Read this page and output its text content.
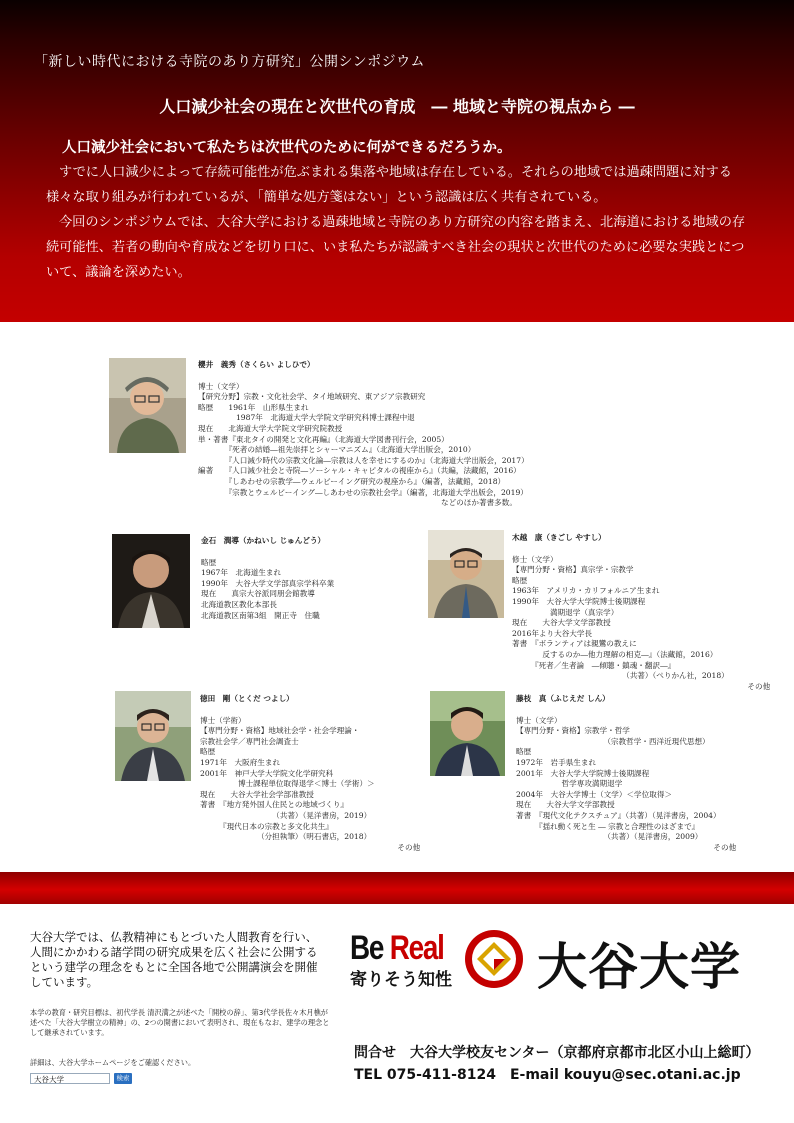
「新しい時代における寺院のあり方研究」公開シンポジウム
人口減少社会の現在と次世代の育成　― 地域と寺院の視点から ―
人口減少社会において私たちは次世代のために何ができるだろうか。

すでに人口減少によって存続可能性が危ぶまれる集落や地域は存在している。それらの地域では過疎問題に対する様々な取り組みが行われているが、「簡単な処方箋はない」という認識は広く共有されている。

今回のシンポジウムでは、大谷大学における過疎地域と寺院のあり方研究の内容を踏まえ、北海道における地域の存続可能性、若者の動向や育成などを切り口に、いま私たちが認識すべき社会の現状と次世代のために必要な実践とについて、議論を深めたい。

櫻井　義秀（さくらい よしひで）
博士（文学）
【研究分野】宗教・文化社会学、タイ地域研究、東アジア宗教研究
略歴　　1961年　山形県生まれ
　　　　　1987年　北海道大学大学院文学研究科博士課程中退
現在　　北海道大学大学院文学研究院教授
単・著書『東北タイの開発と文化再編』（北海道大学図書刊行会，2005）
　　　　『死者の結婚―祖先崇拝とシャーマニズム』（北海道大学出版会，2010）
　　　　『人口減少時代の宗教文化論―宗教は人を幸せにするのか』（北海道大学出版会，2017）
編著　　『人口減少社会と寺院―ソーシャル・キャピタルの視座から』（共編，法藏館，2016）
　　　　『しあわせの宗教学―ウェルビーイング研究の視座から』（編著，法藏館，2018）
　　　　『宗教とウェルビーイング―しあわせの宗教社会学』（編著，北海道大学出版会，2019）
　　　　　　　　　　　　　　　　　　　　　　　　　　　　　　　　などのほか著書多数。
金石　潤導（かねいし じゅんどう）
略歴
1967年　北海道生まれ
1990年　大谷大学文学部真宗学科卒業
現在　　真宗大谷派同朋会館教導
北海道教区教化本部長
北海道教区南第3組　開正寺　住職
木越　康（きごし やすし）
修士（文学）
【専門分野・資格】真宗学・宗教学
略歴
1963年　アメリカ・カリフォルニア生まれ
1990年　大谷大学大学院博士後期課程
　　　　　満期退学（真宗学）
現在　　大谷大学文学部教授
2016年より大谷大学長
著書　『ボランティアは親鸞の教えに
　　　　反するのか―他力理解の相克―』（法藏館，2016）
　　　『死者／生者論　―傾聴・鎮魂・翻訳―』
　　　　　　　　　　　　　　　（共著）（ぺりかん社，2018）
　　　　　　　　　　　　　　　　　　　　　　　　　　　　　　　その他
徳田　剛（とくだ つよし）
博士（学術）
【専門分野・資格】地域社会学・社会学理論・
宗教社会学／専門社会調査士
略歴
1971年　大阪府生まれ
2001年　神戸大学大学院文化学研究科
　　　　　博士課程単位取得退学＜博士（学術）＞
現在　　大谷大学社会学部准教授
著書　『地方発外国人住民との地域づくり』
　　　　　　　　　　（共著）（晃洋書房，2019）
　　　『現代日本の宗教と多文化共生』
　　　　　　　　（分担執筆）（明石書店，2018）
　　　　　　　　　　　　　　　　　　　　　　　　　　その他
藤枝　真（ふじえだ しん）
博士（文学）
【専門分野・資格】宗教学・哲学
　　　　　　　　　　　　（宗教哲学・西洋近現代思想）
略歴
1972年　岩手県生まれ
2001年　大谷大学大学院博士後期課程
　　　　　　哲学専攻満期退学
2004年　大谷大学博士（文学）＜学位取得＞
現在　　大谷大学文学部教授
著書　『現代文化テクスチュア』（共著）（晃洋書房，2004）
　　　『揺れ動く死と生 ― 宗教と合理性のはざまで』
　　　　　　　　　　　　（共著）（晃洋書房，2009）
　　　　　　　　　　　　　　　　　　　　　　　　　　その他
大谷大学では、仏教精神にもとづいた人間教育を行い、人間にかかわる諸学問の研究成果を広く社会に公開するという建学の理念をもとに全国各地で公開講演会を開催しています。
本学の教育・研究目標は、初代学長 清沢満之が述べた「開校の辞」、第3代学長佐々木月樵が述べた「大谷大学樹立の精神」の、2つの開書において表明され、現在もなお、建学の理念として継承されています。
詳細は、大谷大学ホームページをご確認ください。
大谷大学	検索
Be Real
寄りそう知性 大谷大学
問合せ　大谷大学校友センター（京都府京都市北区小山上総町）
TEL 075-411-8124　E-mail kouyu@sec.otani.ac.jp
